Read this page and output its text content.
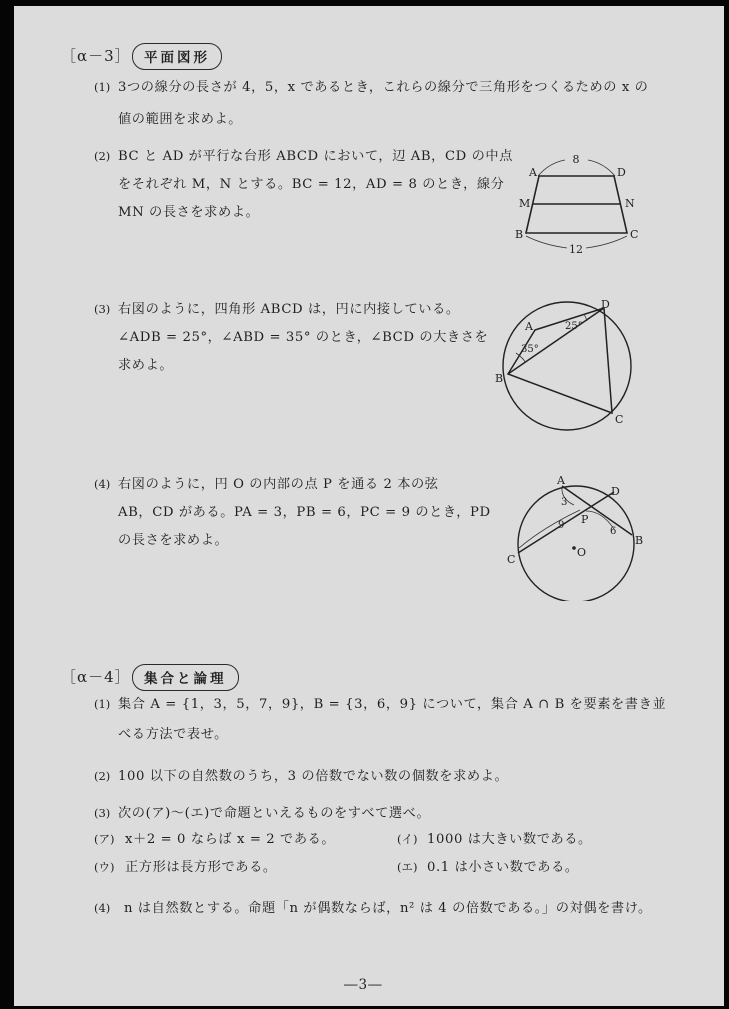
［α－3］ 平面図形
(1) 3つの線分の長さが 4，5，x であるとき，これらの線分で三角形をつくるための x の
値の範囲を求めよ。
(2) BC と AD が平行な台形 ABCD において，辺 AB，CD の中点
をそれぞれ M，N とする。BC = 12，AD = 8 のとき，線分
MN の長さを求めよ。
8
12
A	D
M	N
B	C
(3) 右図のように，四角形 ABCD は，円に内接している。
∠ADB = 25°，∠ABD = 35° のとき，∠BCD の大きさを
求めよ。
25°
35°
A
D
B
C
(4) 右図のように，円 O の内部の点 P を通る 2 本の弦
AB，CD がある。PA = 3，PB = 6，PC = 9 のとき，PD
の長さを求めよ。
3
6
9
A
D
P
O
B
C
［α－4］ 集合と論理
(1) 集合 A = {1，3，5，7，9}，B = {3，6，9} について，集合 A ∩ B を要素を書き並
べる方法で表せ。
(2) 100 以下の自然数のうち，3 の倍数でない数の個数を求めよ。
(3) 次の(ア)～(エ)で命題といえるものをすべて選べ。
(ア) x＋2 = 0 ならば x = 2 である。	(イ) 1000 は大きい数である。
(ウ) 正方形は長方形である。	(エ) 0.1 は小さい数である。
(4) n は自然数とする。命題「n が偶数ならば，n² は 4 の倍数である。」の対偶を書け。
―3―
